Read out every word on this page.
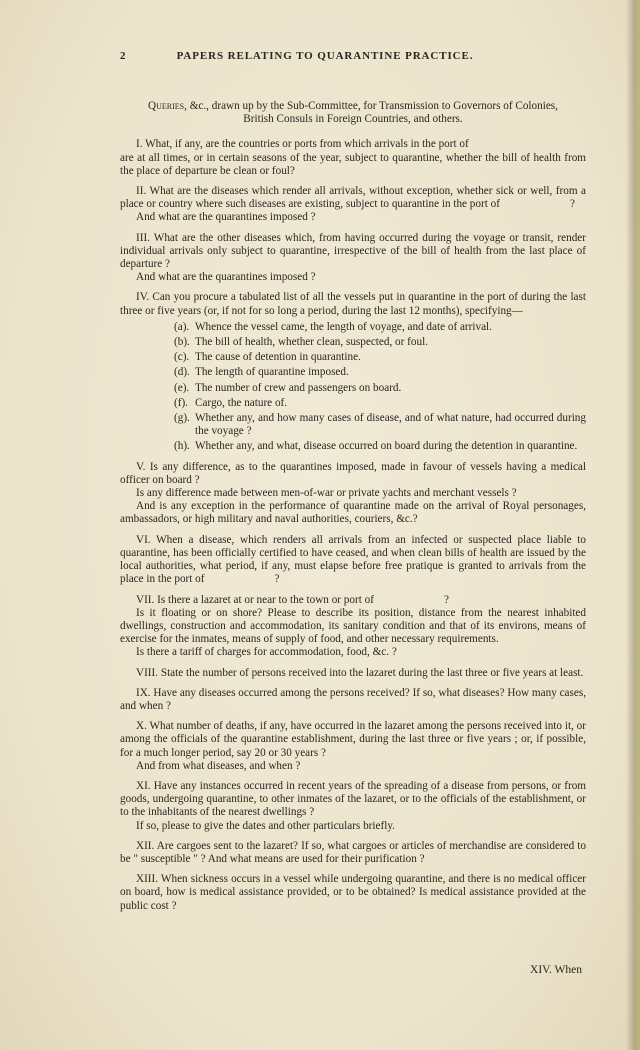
2	PAPERS RELATING TO QUARANTINE PRACTICE.

Queries, &c., drawn up by the Sub-Committee, for Transmission to Governors of Colonies,
British Consuls in Foreign Countries, and others.

I. What, if any, are the countries or ports from which arrivals in the port of
are at all times, or in certain seasons of the year, subject to quarantine, whether the bill of health from the place of departure be clean or foul?
II. What are the diseases which render all arrivals, without exception, whether sick or well, from a place or country where such diseases are existing, subject to quarantine in the port of	?
And what are the quarantines imposed ?
III. What are the other diseases which, from having occurred during the voyage or transit, render individual arrivals only subject to quarantine, irrespective of the bill of health from the last place of departure ?
And what are the quarantines imposed ?
IV. Can you procure a tabulated list of all the vessels put in quarantine in the port of during the last three or five years (or, if not for so long a period, during the last 12 months), specifying—
(a). Whence the vessel came, the length of voyage, and date of arrival.
(b). The bill of health, whether clean, suspected, or foul.
(c). The cause of detention in quarantine.
(d). The length of quarantine imposed.
(e). The number of crew and passengers on board.
(f). Cargo, the nature of.
(g). Whether any, and how many cases of disease, and of what nature, had occurred during the voyage ?
(h). Whether any, and what, disease occurred on board during the detention in quarantine.
V. Is any difference, as to the quarantines imposed, made in favour of vessels having a medical officer on board ?
Is any difference made between men-of-war or private yachts and merchant vessels ?
And is any exception in the performance of quarantine made on the arrival of Royal personages, ambassadors, or high military and naval authorities, couriers, &c.?
VI. When a disease, which renders all arrivals from an infected or suspected place liable to quarantine, has been officially certified to have ceased, and when clean bills of health are issued by the local authorities, what period, if any, must elapse before free pratique is granted to arrivals from the place in the port of	?
VII. Is there a lazaret at or near to the town or port of	?
Is it floating or on shore? Please to describe its position, distance from the nearest inhabited dwellings, construction and accommodation, its sanitary condition and that of its environs, means of exercise for the inmates, means of supply of food, and other necessary requirements.
Is there a tariff of charges for accommodation, food, &c. ?
VIII. State the number of persons received into the lazaret during the last three or five years at least.
IX. Have any diseases occurred among the persons received? If so, what diseases? How many cases, and when ?
X. What number of deaths, if any, have occurred in the lazaret among the persons received into it, or among the officials of the quarantine establishment, during the last three or five years ; or, if possible, for a much longer period, say 20 or 30 years ?
And from what diseases, and when ?
XI. Have any instances occurred in recent years of the spreading of a disease from persons, or from goods, undergoing quarantine, to other inmates of the lazaret, or to the officials of the establishment, or to the inhabitants of the nearest dwellings ?
If so, please to give the dates and other particulars briefly.
XII. Are cargoes sent to the lazaret? If so, what cargoes or articles of merchandise are considered to be " susceptible " ? And what means are used for their purification ?
XIII. When sickness occurs in a vessel while undergoing quarantine, and there is no medical officer on board, how is medical assistance provided, or to be obtained? Is medical assistance provided at the public cost ?
XIV. When
